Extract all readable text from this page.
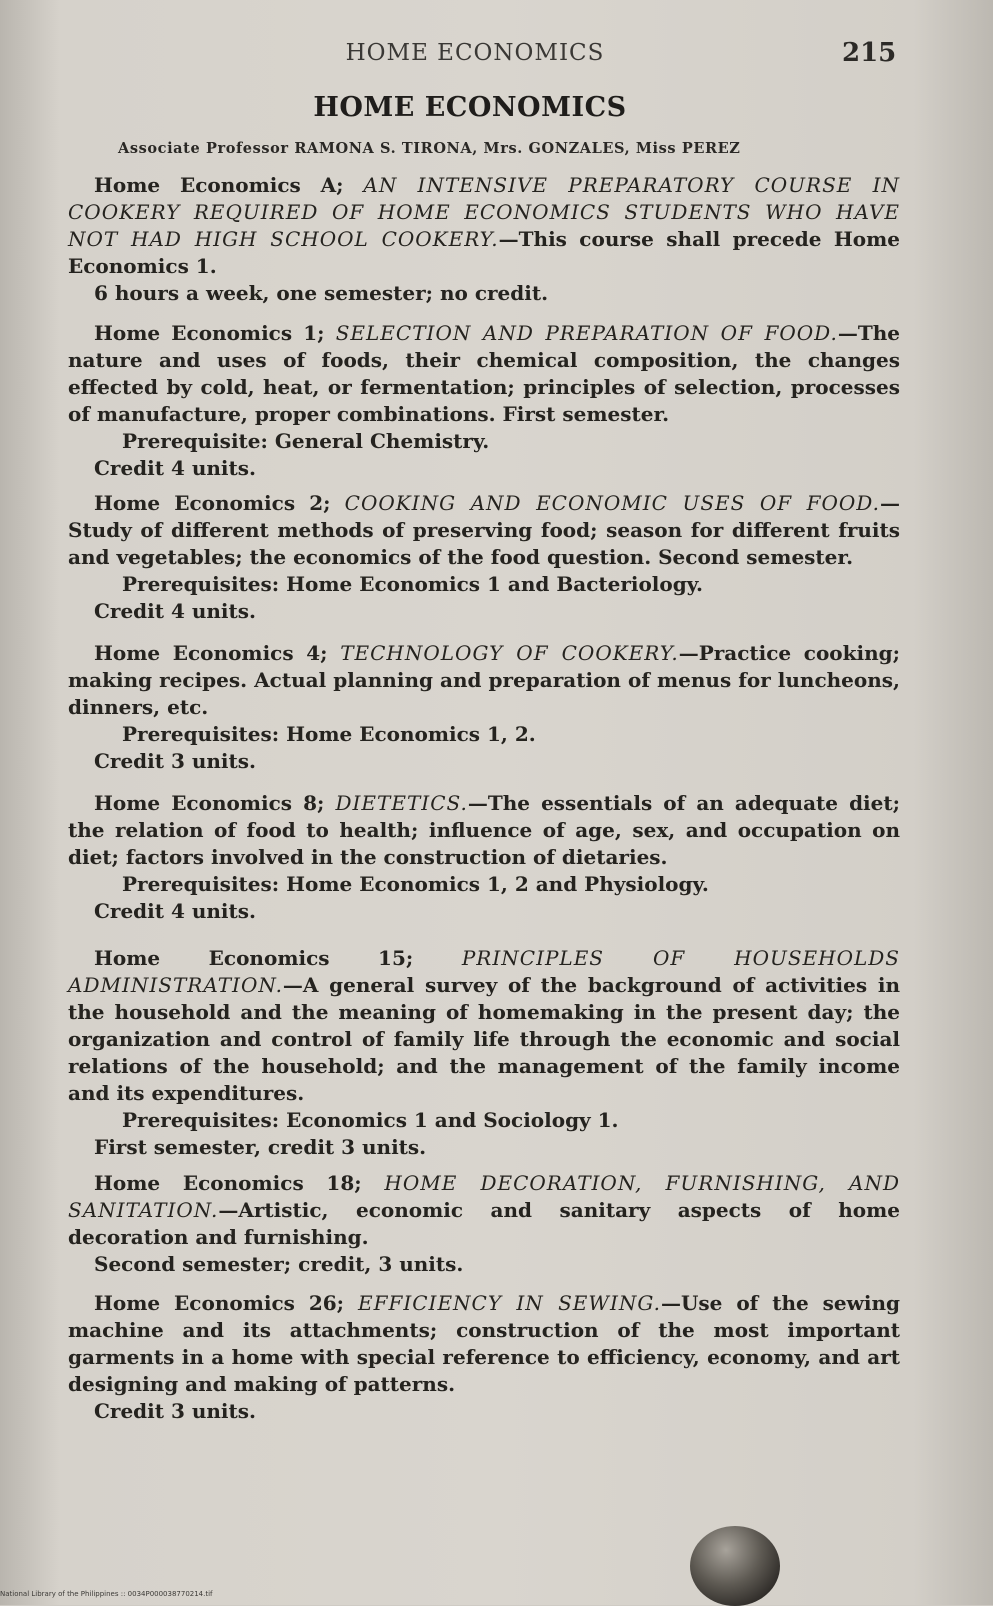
HOME ECONOMICS	215
HOME ECONOMICS
Associate Professor RAMONA S. TIRONA, Mrs. GONZALES, Miss PEREZ

Home Economics A; AN INTENSIVE PREPARATORY COURSE IN COOKERY REQUIRED OF HOME ECONOMICS STUDENTS WHO HAVE NOT HAD HIGH SCHOOL COOKERY.—This course shall precede Home Economics 1.

6 hours a week, one semester; no credit.

Home Economics 1; SELECTION AND PREPARATION OF FOOD.—The nature and uses of foods, their chemical composition, the changes effected by cold, heat, or fermentation; principles of selection, processes of manufacture, proper combinations. First semester.

Prerequisite: General Chemistry.

Credit 4 units.

Home Economics 2; COOKING AND ECONOMIC USES OF FOOD.—Study of different methods of preserving food; season for different fruits and vegetables; the economics of the food question. Second semester.

Prerequisites: Home Economics 1 and Bacteriology.

Credit 4 units.

Home Economics 4; TECHNOLOGY OF COOKERY.—Practice cooking; making recipes. Actual planning and preparation of menus for luncheons, dinners, etc.

Prerequisites: Home Economics 1, 2.

Credit 3 units.

Home Economics 8; DIETETICS.—The essentials of an adequate diet; the relation of food to health; influence of age, sex, and occupation on diet; factors involved in the construction of dietaries.

Prerequisites: Home Economics 1, 2 and Physiology.

Credit 4 units.

Home Economics 15; PRINCIPLES OF HOUSEHOLDS ADMINISTRATION.—A general survey of the background of activities in the household and the meaning of homemaking in the present day; the organization and control of family life through the economic and social relations of the household; and the management of the family income and its expenditures.

Prerequisites: Economics 1 and Sociology 1.

First semester, credit 3 units.

Home Economics 18; HOME DECORATION, FURNISHING, AND SANITATION.—Artistic, economic and sanitary aspects of home decoration and furnishing.

Second semester; credit, 3 units.

Home Economics 26; EFFICIENCY IN SEWING.—Use of the sewing machine and its attachments; construction of the most important garments in a home with special reference to efficiency, economy, and art designing and making of patterns.

Credit 3 units.

National Library of the Philippines :: 0034P000038770214.tif
